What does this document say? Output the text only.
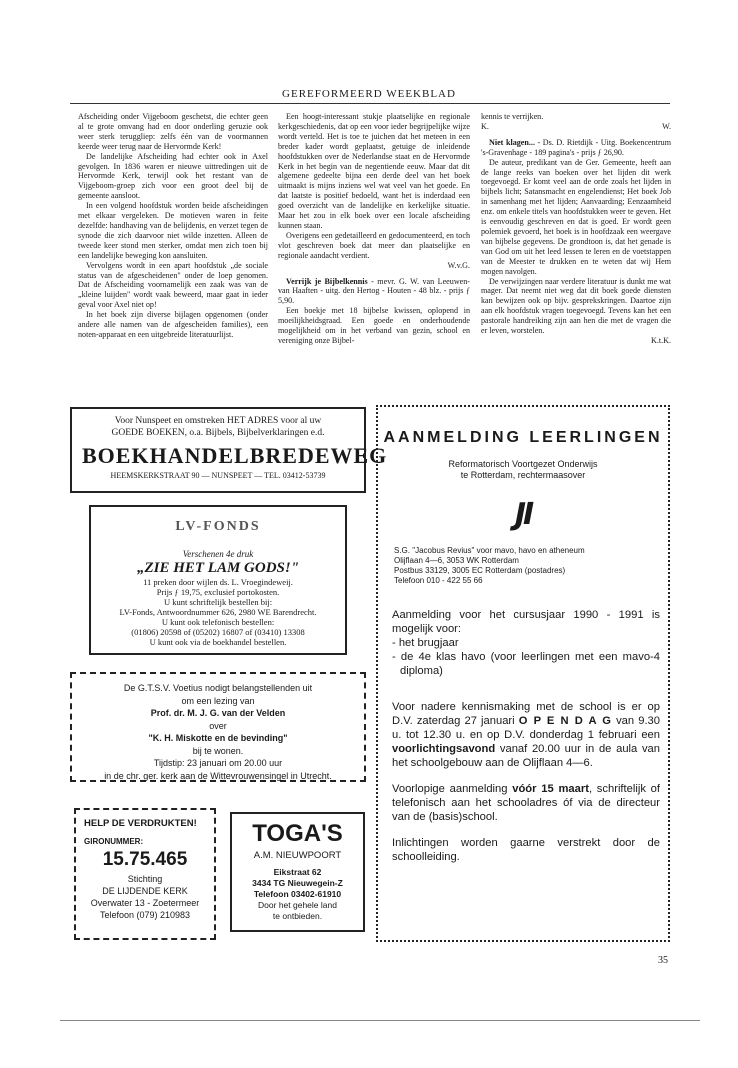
GEREFORMEERD WEEKBLAD

Afscheiding onder Vijgeboom geschetst, die echter geen al te grote omvang had en door onderling geruzie ook weer sterk teruggliep: zelfs één van de voormannen keerde weer terug naar de Hervormde Kerk!

De landelijke Afscheiding had echter ook in Axel gevolgen. In 1836 waren er nieuwe uittredingen uit de Hervormde Kerk, terwijl ook het restant van de Vijgeboom-groep zich voor een groot deel bij de gemeente aansloot.

In een volgend hoofdstuk worden beide afscheidingen met elkaar vergeleken. De motieven waren in feite dezelfde: handhaving van de belijdenis, en verzet tegen de synode die zich daarvoor niet wilde inzetten. Alleen de tweede keer stond men sterker, omdat men zich toen bij een landelijke beweging kon aansluiten.

Vervolgens wordt in een apart hoofdstuk „de sociale status van de afgescheidenen" onder de loep genomen. Dat de Afscheiding voornamelijk een zaak was van de „kleine luijden" wordt vaak beweerd, maar gaat in ieder geval voor Axel niet op!

In het boek zijn diverse bijlagen opgenomen (onder andere alle namen van de afgescheiden families), een noten-apparaat en een uitgebreide literatuurlijst.

Een hoogt-interessant stukje plaatselijke en regionale kerkgeschiedenis, dat op een voor ieder begrijpelijke wijze wordt verteld. Het is toe te juichen dat het meteen in een breder kader wordt geplaatst, getuige de inleidende hoofdstukken over de Nederlandse staat en de Hervormde Kerk in het begin van de negentiende eeuw. Maar dat dit algemene gedeelte bijna een derde deel van het boek uitmaakt is mijns inziens wel wat veel van het goede. En dat laatste is positief bedoeld, want het is inderdaad een goed overzicht van de landelijke en kerkelijke situatie. Maar het zou in elk boek over een locale afscheiding kunnen staan.

Overigens een gedetailleerd en gedocumenteerd, en toch vlot geschreven boek dat meer dan plaatselijke en regionale aandacht verdient.

W.v.G.

Verrijk je Bijbelkennis - mevr. G. W. van Leeuwen-van Haaften - uitg. den Hertog - Houten - 48 blz. - prijs ƒ 5,90.

Een boekje met 18 bijbelse kwissen, oplopend in moeilijkheidsgraad. Een goede en onderhoudende mogelijkheid om in het verband van gezin, school en vereniging onze Bijbel-

kennis te verrijken.

K.	W.

Niet klagen... - Ds. D. Rietdijk - Uitg. Boekencentrum 's-Gravenhage - 189 pagina's - prijs ƒ 26,90.

De auteur, predikant van de Ger. Gemeente, heeft aan de lange reeks van boeken over het lijden dit werk toegevoegd. Er komt veel aan de orde zoals het lijden in bijbels licht; Satansmacht en engelendienst; Het boek Job in samenhang met het lijden; Aanvaarding; Eenzaamheid enz. om enkele titels van hoofdstukken weer te geven. Het is eenvoudig geschreven en dat is goed. Er wordt geen polemiek gevoerd, het boek is in hoofdzaak een weergave van bijbelse gegevens. De grondtoon is, dat het genade is van God om uit het leed lessen te leren en de voetstappen van de Meester te drukken en te weten dat wij Hem mogen navolgen.

De verwijzingen naar verdere literatuur is dunkt me wat mager. Dat neemt niet weg dat dit boek goede diensten kan bewijzen ook op bijv. gesprekskringen. Daartoe zijn aan elk hoofdstuk vragen toegevoegd. Tevens kan het een pastorale handreiking zijn aan hen die met de vragen die er leven, worstelen.

K.t.K.
Voor Nunspeet en omstreken HET ADRES voor al uw
GOEDE BOEKEN, o.a. Bijbels, Bijbelverklaringen e.d.
BOEKHANDEL BREDEWEG
HEEMSKERKSTRAAT 90 — NUNSPEET — TEL. 03412-53739
LV-FONDS
Verschenen 4e druk
„ZIE HET LAM GODS!"
11 preken door wijlen ds. L. Vroegindeweij.
Prijs ƒ 19,75, exclusief portokosten.
U kunt schriftelijk bestellen bij:
LV-Fonds, Antwoordnummer 626, 2980 WE Barendrecht.
U kunt ook telefonisch bestellen:
(01806) 20598 of (05202) 16807 of (03410) 13308
U kunt ook via de boekhandel bestellen.
De G.T.S.V. Voetius nodigt belangstellenden uit
om een lezing van
Prof. dr. M. J. G. van der Velden
over
"K. H. Miskotte en de bevinding"
bij te wonen.
Tijdstip: 23 januari om 20.00 uur
in de chr. ger. kerk aan de Wittevrouwensingel in Utrecht.
HELP DE VERDRUKTEN!
GIRONUMMER:
15.75.465
Stichting
DE LIJDENDE KERK
Overwater 13 - Zoetermeer
Telefoon (079) 210983
TOGA'S
A.M. NIEUWPOORT
Eikstraat 62
3434 TG Nieuwegein-Z
Telefoon 03402-61910
Door het gehele land
te ontbieden.
AANMELDING LEERLINGEN
Reformatorisch Voortgezet Onderwijs
te Rotterdam, rechtermaasover
JI
S.G. "Jacobus Revius" voor mavo, havo en atheneum
Olijflaan 4—6, 3053 WK Rotterdam
Postbus 33129, 3005 EC Rotterdam (postadres)
Telefoon 010 - 422 55 66
Aanmelding voor het cursusjaar 1990 - 1991 is mogelijk voor:
- het brugjaar
- de 4e klas havo (voor leerlingen met een mavo-4 diploma)
Voor nadere kennismaking met de school is er op D.V. zaterdag 27 januari O P E N D A G van 9.30 u. tot 12.30 u. en op D.V. donderdag 1 februari een voorlichtingsavond vanaf 20.00 uur in de aula van het schoolgebouw aan de Olijflaan 4—6.
Voorlopige aanmelding vóór 15 maart, schriftelijk of telefonisch aan het schooladres óf via de directeur van de (basis)school.
Inlichtingen worden gaarne verstrekt door de schoolleiding.
35
